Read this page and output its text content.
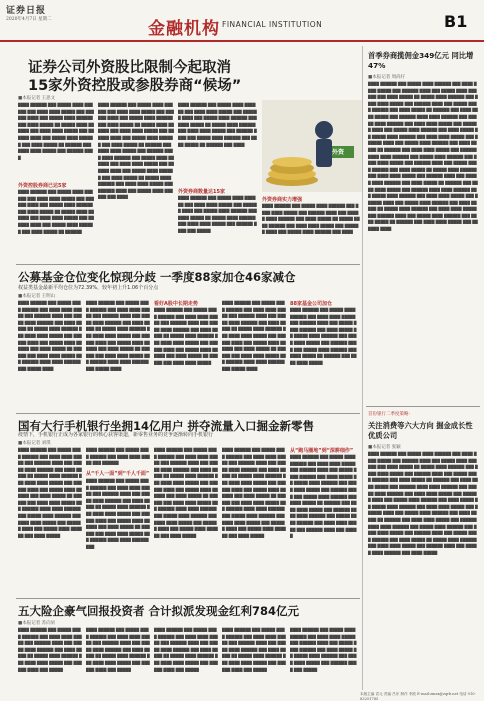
证券日报
2020年4月7日 星期二	金融机构 FINANCIAL INSTITUTION	B1
证券公司外资股比限制今起取消
15家外资控股或参股券商“候场”
■本报记者 王思文
████ ██████ ███ █████ ████ ██████ ███ ████ ████ █████ ███ ██████ ████ ███ █████ ████ ██████ ███ ████ █████ ██ █████ ████ ██████ ███ ████ ████ █████ ███ ██████ ████ ███ █████ ████ ██████ ███ ████ █████ ██ ██████ ███ ████ ████ █████ ███ ██████ ████
外资控股券商已达5家
████ ██████ ███ █████ ████ ██████ ███ ████ ████ █████ ███ ██████ ████ ███ █████ ████ ██████ ███ ████ █████ ██ █████ ████ ██████ ███ ████ ████ █████ ███ ██████ ████ ███ █████ ████ ██████ ███ ████ █████ ██ ██████
████ ██████ ███ █████ ████ ██████ ███ ████ ████ █████ ███ ██████ ████ ███ █████ ████ ██████ ███ ████ █████ ██ █████ ████ ██████ ███ ████ ████ █████ ███ ██████ ████ ███ █████ ████ ██████ ███ ████ █████ ██ ██████ ███ ████ ████ █████ ███ ██████ ████ ████ ██████ ███ █████ ████ ██████ ███ ████ ████ █████ ███ ██████ ████ ███ █████ ████ ██████ ███ ████ █████ ██ █████ ████ ██████ ███ ████ ████ █████ ███ ██████ ████ ███ █████ ████ ██████ ███ ████
████ ██████ ███ █████ ████ ██████ ███ ████ ████ █████ ███ ██████ ████ ███ █████ ████ ██████ ███ ████ █████ ██ █████ ████ ██████ ███ ████ ████ █████ ███ ██████ ████ ███ █████ ████ ██████ ███ ████ █████ ██ ██████ ███ ████
外资券商数量达15家
████ ██████ ███ █████ ████ ██████ ███ ████ ████ █████ ███ ██████ ████ ███ █████ ████ ██████ ███ ████ █████ ██ █████ ████ ██████ ███ ████ ████ █████ ███ ██████ ████ ███ █████
外资
外资券商实力增强
████ ██████ ███ █████ ████ ██████ ███ ████ ████ █████ ███ ██████ ████ ███ █████ ████ ██████ ███ ████ █████ ██ █████ ████ ██████ ███ ████ ████ █████ ███ ██████ ████ ███ █████ ████ ██████ ███ ████
公募基金仓位变化惊现分歧 一季度88家加仓46家减仓
权益类基金最新平均仓位为72.39%，较年初上升1.06个百分点
■本报记者 王明山
████ ██████ ███ █████ ████ ██████ ███ ████ ████ █████ ███ ██████ ████ ███ █████ ████ ██████ ███ ████ █████ ██ █████ ████ ██████ ███ ████ ████ █████ ███ ██████ ████ ███ █████ ████ ██████ ███ ████ █████ ██ ██████ ███ ████ ████ █████ ███ ██████ ████ ████ ██████ ███ █████ ████
████ ██████ ███ █████ ████ ██████ ███ ████ ████ █████ ███ ██████ ████ ███ █████ ████ ██████ ███ ████ █████ ██ █████ ████ ██████ ███ ████ ████ █████ ███ ██████ ████ ███ █████ ████ ██████ ███ ████ █████ ██ ██████ ███ ████ ████ █████ ███ ██████ ████ ████ ██████ ███ █████ ████
看好A股中长期走势
████ ██████ ███ █████ ████ ██████ ███ ████ ████ █████ ███ ██████ ████ ███ █████ ████ ██████ ███ ████ █████ ██ █████ ████ ██████ ███ ████ ████ █████ ███ ██████ ████ ███ █████ ████ ██████ ███ ████ █████ ██ ██████ ███ ████ ████ █████
████ ██████ ███ █████ ████ ██████ ███ ████ ████ █████ ███ ██████ ████ ███ █████ ████ ██████ ███ ████ █████ ██ █████ ████ ██████ ███ ████ ████ █████ ███ ██████ ████ ███ █████ ████ ██████ ███ ████ █████ ██ ██████ ███ ████ ████ █████ ███ ██████ ████ ████ ██████ ███ █████ ████
88家基金公司加仓
████ ██████ ███ █████ ████ ██████ ███ ████ ████ █████ ███ ██████ ████ ███ █████ ████ ██████ ███ ████ █████ ██ █████ ████ ██████ ███ ████ ████ █████ ███ ██████ ████ ███ █████ ████ ██████ ███ ████ █████ ██ ██████ ███ ████ ████ █████
国有大行手机银行坐拥14亿用户 拼夺流量入口掘金新零售
疫情下，手机银行正成为各家银行的核心获客渠道，新零售业务的竞争逐渐转向手机银行
■本报记者 刘琪
████ ██████ ███ █████ ████ ██████ ███ ████ ████ █████ ███ ██████ ████ ███ █████ ████ ██████ ███ ████ █████ ██ █████ ████ ██████ ███ ████ ████ █████ ███ ██████ ████ ███ █████ ████ ██████ ███ ████ █████ ██ ██████ ███ ████ ████ █████ ███ ██████ ████ ████ ██████ ███ █████ ████ ██████ ███ ████ ████ █████ ███ ██████ ████ ███ █████ ████ ██████ ███ ████ █████
从“千人一面”到“千人千面”
████ ██████ ███ █████ ████ ██████ ███ ████ ████ █████ ███ ██████
████ ██████ ███ █████ ████ ██████ ███ ████ ████ █████ ███ ██████ ████ ███ █████ ████ ██████ ███ ████ █████ ██ █████ ████ ██████ ███ ████ ████ █████ ███ ██████ ████ ███ █████ ████ ██████ ███ ████ █████ ██ ██████ ███ ████ ████ █████ ███ ██████ ████ ████ ██████ ███
████ ██████ ███ █████ ████ ██████ ███ ████ ████ █████ ███ ██████ ████ ███ █████ ████ ██████ ███ ████ █████ ██ █████ ████ ██████ ███ ████ ████ █████ ███ ██████ ████ ███ █████ ████ ██████ ███ ████ █████ ██ ██████ ███ ████ ████ █████ ███ ██████ ████ ████ ██████ ███ █████ ████ ██████ ███ ████ ████ █████ ███ ██████ ████ ███ █████ ████ ██████ ███ ████ █████
████ ██████ ███ █████ ████ ██████ ███ ████ ████ █████ ███ ██████ ████ ███ █████ ████ ██████ ███ ████ █████ ██ █████ ████ ██████ ███ ████ ████ █████ ███ ██████ ████ ███ █████ ████ ██████ ███ ████ █████ ██ ██████ ███ ████ ████ █████ ███ ██████ ████ ████ ██████ ███ █████ ████ ██████ ███ ████ ████ █████ ███ ██████ ████ ███ █████ ████ ██████ ███ ████ █████
从“跑马圈地”到“深耕细作”
████ ██████ ███ █████ ████ ██████ ███ ████ ████ █████ ███ ██████ ████ ███ █████ ████ ██████ ███ ████ █████ ██ █████ ████ ██████ ███ ████ ████ █████ ███ ██████ ████ ███ █████ ████ ██████ ███ ████ █████ ██ ██████ ███ ████ ████ █████ ███ ██████ ████ ████ ██████ ███ █████ ████ ██████ ███ ████ ████ █████ ███ ██████ ████ ███ █████
五大险企豪气回报投资者 合计拟派发现金红利784亿元
■本报记者 苏向杲
████ ██████ ███ █████ ████ ██████ ███ ████ ████ █████ ███ ██████ ████ ███ █████ ████ ██████ ███ ████ █████ ██ █████ ████ ██████ ███ ████ ████ █████ ███ ██████ ████ ███ █████
████ ██████ ███ █████ ████ ██████ ███ ████ ████ █████ ███ ██████ ████ ███ █████ ████ ██████ ███ ████ █████ ██ █████ ████ ██████ ███ ████ ████ █████ ███ ██████ ████ ███ █████
████ ██████ ███ █████ ████ ██████ ███ ████ ████ █████ ███ ██████ ████ ███ █████ ████ ██████ ███ ████ █████ ██ █████ ████ ██████ ███ ████ ████ █████ ███ ██████ ████ ███ █████
████ ██████ ███ █████ ████ ██████ ███ ████ ████ █████ ███ ██████ ████ ███ █████ ████ ██████ ███ ████ █████ ██ █████ ████ ██████ ███ ████ ████ █████ ███ ██████ ████ ███ █████
████ ██████ ███ █████ ████ ██████ ███ ████ ████ █████ ███ ██████ ████ ███ █████ ████ ██████ ███ ████ █████ ██ █████ ████ ██████ ███ ████ ████ █████ ███ ██████ ████ ███ █████
首季券商揽佣金349亿元 同比增47%
■本报记者 周尚仔
████ ██████ ███ █████ ████ ██████ ███ ████ ████ █████ ███ ██████ ████ ███ █████ ████ ██████ ███ ████ █████ ██ █████ ████ ██████ ███ ████ ████ █████ ███ ██████ ████ ███ █████ ████ ██████ ███ ████ █████ ██ ██████ ███ ████ ████ █████ ███ ██████ ████ ████ ██████ ███ █████ ████ ██████ ███ ████ ████ █████ ███ ██████ ████ ███ █████ ████ ██████ ███ ████ █████ ██ █████ ████ ██████ ███ ████ ████ █████ ███ ██████ ████ ███ █████ ████ ██████ ███ ████ █████ ██ ██████ ███ ████ ████ █████ ███ ██████ ████ ████ ██████ ███ █████ ████ ██████ ███ ████ ████ █████ ███ ██████ ████ ███ █████ ████ ██████ ███ ████ █████ ██ █████ ████ ██████ ███ ████ ████ █████ ███ ██████ ████ ███ █████ ████ ██████ ███ ████ █████ ██ ██████ ███ ████ ████ █████ ███ ██████ ████ ████ ██████ ███ █████ ████ ██████ ███ ████ ████ █████ ███ ██████ ████ ███ █████ ████ ██████ ███ ████ █████ ██ █████ ████ ██████ ███ ████ ████ █████ ███ ██████ ████ ███ █████ ████ ██████ ███ ████ █████ ██ ██████ ███ ████ ████ █████ ███ ██████ ████
首份银行二季度策略：
关注消费等六大方向 掘金成长性优质公司
■本报记者 张颖
████ ██████ ███ █████ ████ ██████ ███ ████ ████ █████ ███ ██████ ████ ███ █████ ████ ██████ ███ ████ █████ ██ █████ ████ ██████ ███ ████ ████ █████ ███ ██████ ████ ███ █████ ████ ██████ ███ ████ █████ ██ ██████ ███ ████ ████ █████ ███ ██████ ████ ████ ██████ ███ █████ ████ ██████ ███ ████ ████ █████ ███ ██████ ████ ███ █████ ████ ██████ ███ ████ █████ ██ █████ ████ ██████ ███ ████ ████ █████ ███ ██████ ████ ███ █████ ████ ██████ ███ ████ █████ ██ ██████ ███ ████ ████ █████ ███ ██████ ████ ████ ██████ ███ █████ ████ ██████ ███ ████ ████ █████ ███ ██████ ████ ███ █████ ████ ██████ ███ ████ █████ ██ █████ ████ ██████ ███ ████ ████ █████ ███ ██████ ████ ███ █████ ████ ██████ ███ ████ █████
本版主编 袁元 责编 吕东 制作 李波 E-mail:zmzx@zqrb.net 电话 010-83251785
